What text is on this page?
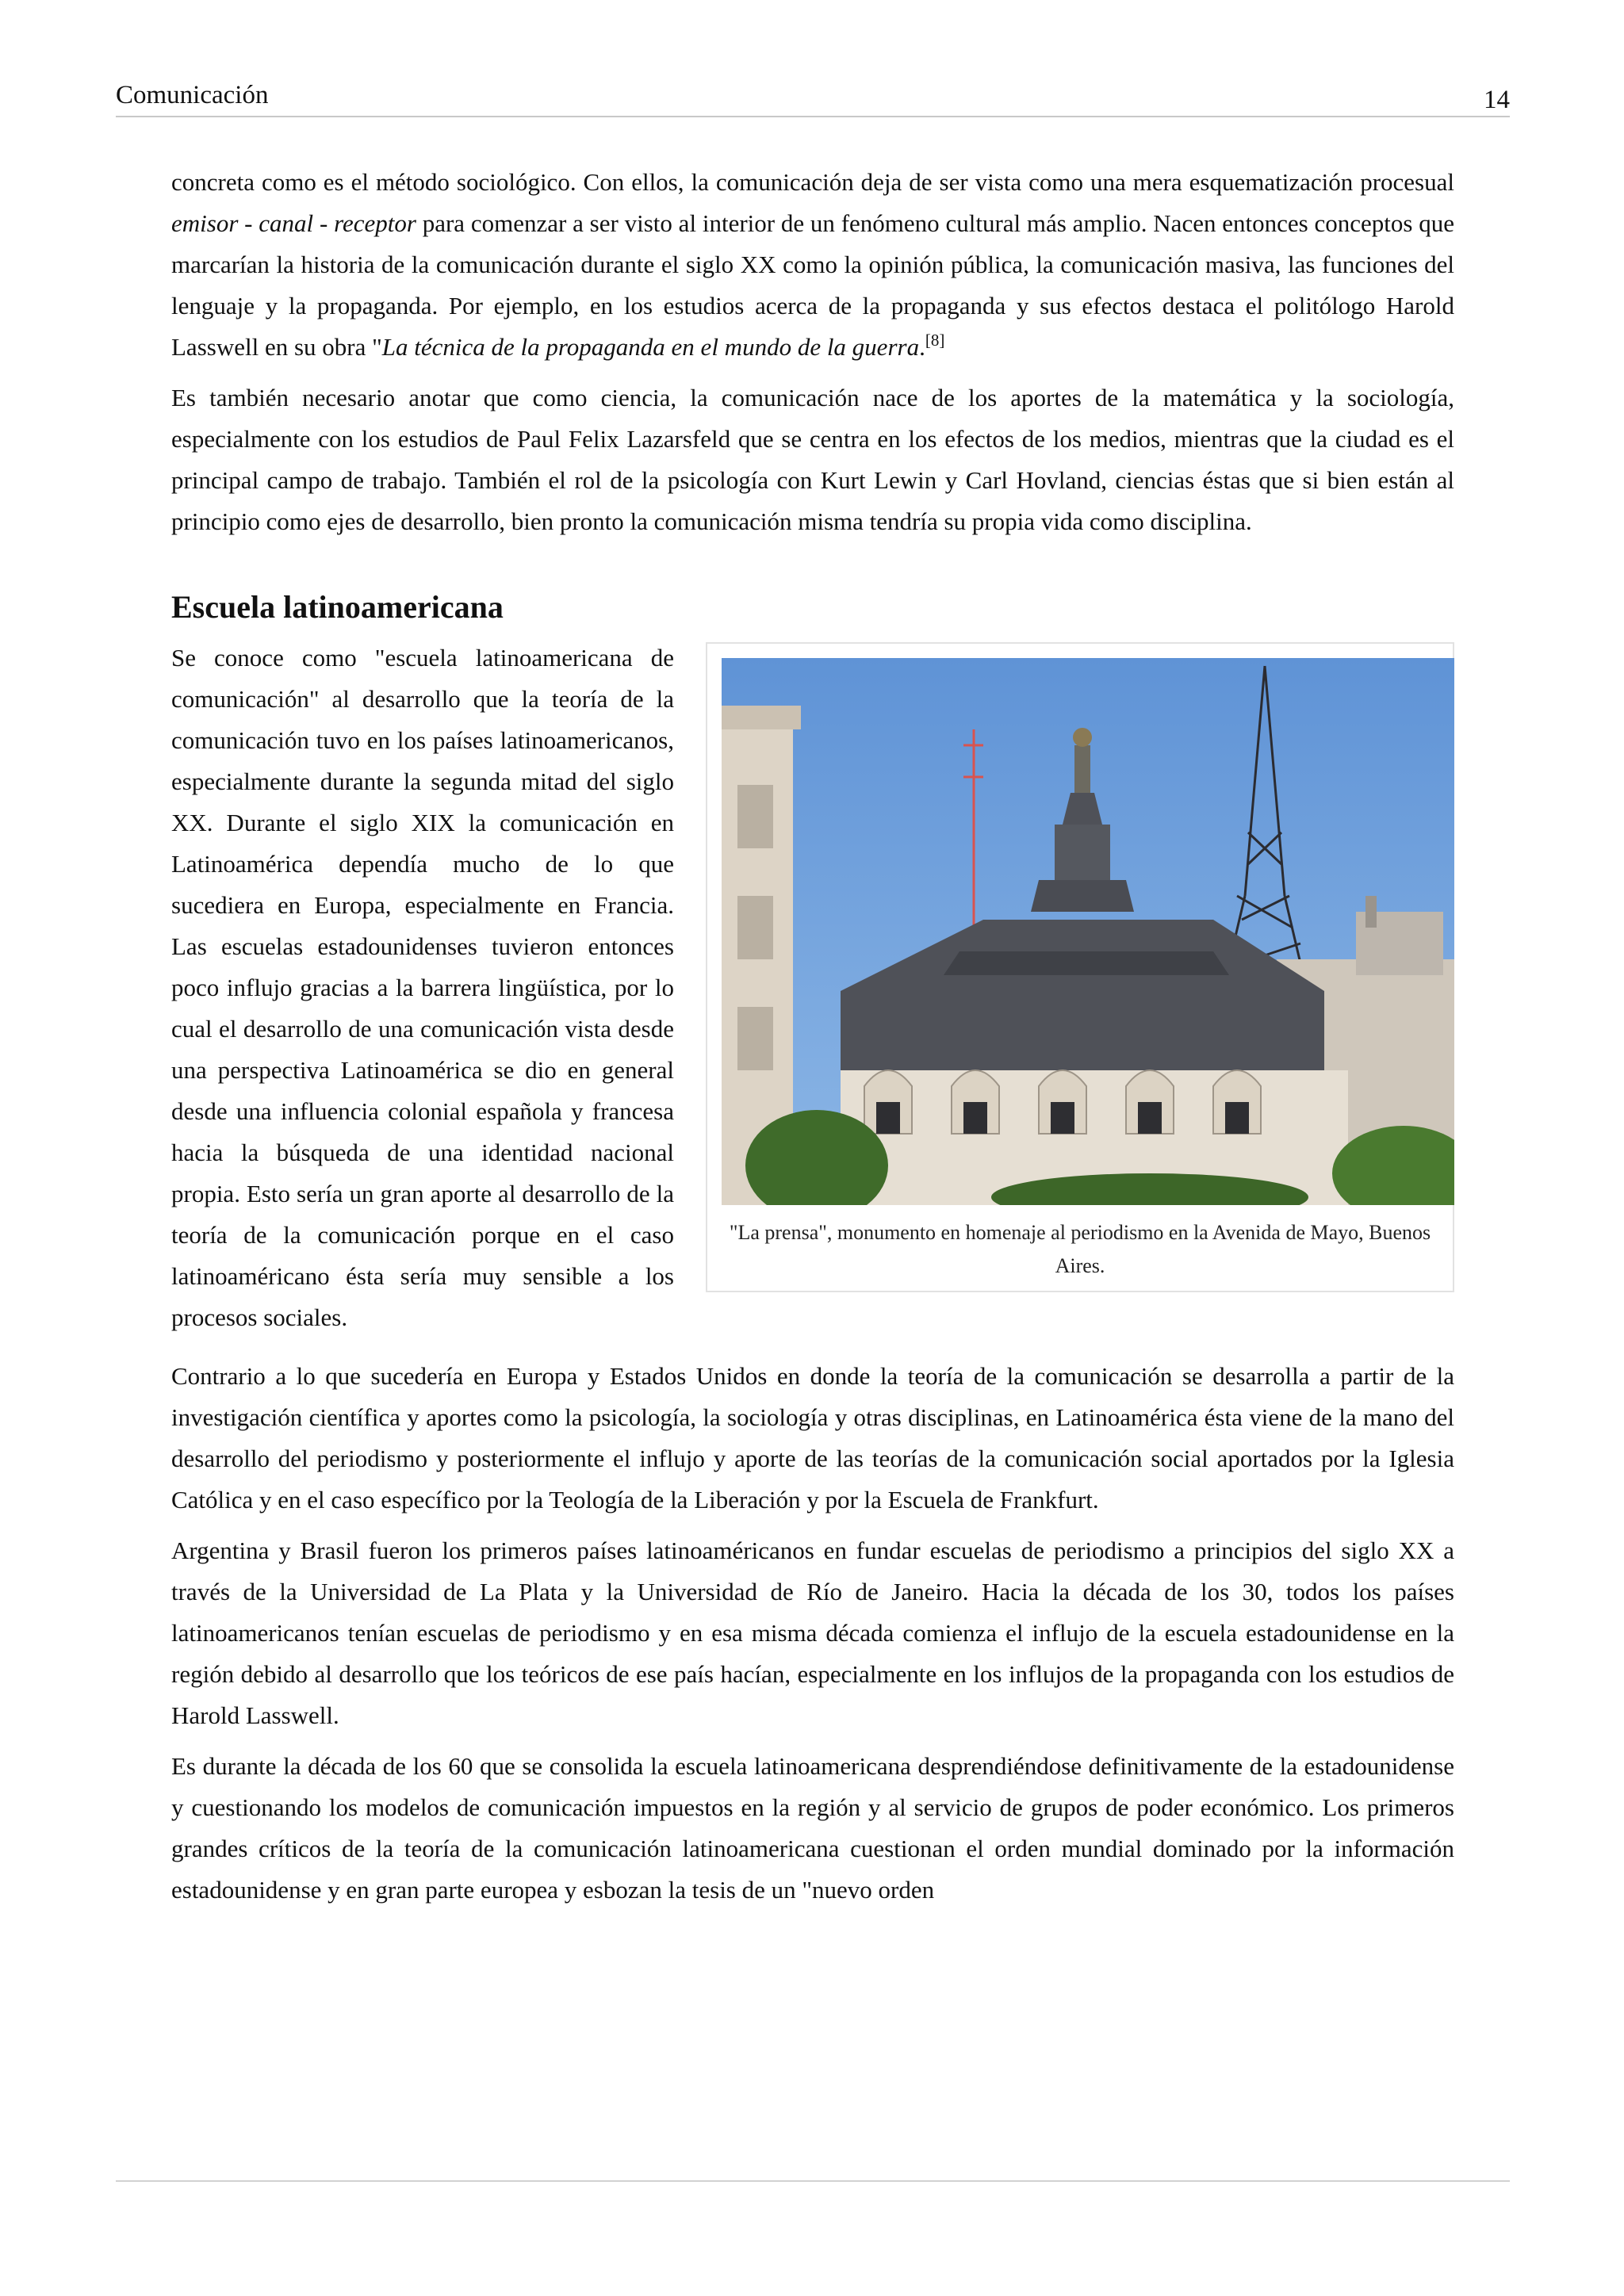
Comunicación	14

concreta como es el método sociológico. Con ellos, la comunicación deja de ser vista como una mera esquematización procesual emisor - canal - receptor para comenzar a ser visto al interior de un fenómeno cultural más amplio. Nacen entonces conceptos que marcarían la historia de la comunicación durante el siglo XX como la opinión pública, la comunicación masiva, las funciones del lenguaje y la propaganda. Por ejemplo, en los estudios acerca de la propaganda y sus efectos destaca el politólogo Harold Lasswell en su obra "La técnica de la propaganda en el mundo de la guerra.[8]

Es también necesario anotar que como ciencia, la comunicación nace de los aportes de la matemática y la sociología, especialmente con los estudios de Paul Felix Lazarsfeld que se centra en los efectos de los medios, mientras que la ciudad es el principal campo de trabajo. También el rol de la psicología con Kurt Lewin y Carl Hovland, ciencias éstas que si bien están al principio como ejes de desarrollo, bien pronto la comunicación misma tendría su propia vida como disciplina.

Escuela latinoamericana
"La prensa", monumento en homenaje al periodismo en la Avenida de Mayo, Buenos Aires.

Se conoce como "escuela latinoamericana de comunicación" al desarrollo que la teoría de la comunicación tuvo en los países latinoamericanos, especialmente durante la segunda mitad del siglo XX. Durante el siglo XIX la comunicación en Latinoamérica dependía mucho de lo que sucediera en Europa, especialmente en Francia. Las escuelas estadounidenses tuvieron entonces poco influjo gracias a la barrera lingüística, por lo cual el desarrollo de una comunicación vista desde una perspectiva Latinoamérica se dio en general desde una influencia colonial española y francesa hacia la búsqueda de una identidad nacional propia. Esto sería un gran aporte al desarrollo de la teoría de la comunicación porque en el caso latinoaméricano ésta sería muy sensible a los procesos sociales.

Contrario a lo que sucedería en Europa y Estados Unidos en donde la teoría de la comunicación se desarrolla a partir de la investigación científica y aportes como la psicología, la sociología y otras disciplinas, en Latinoamérica ésta viene de la mano del desarrollo del periodismo y posteriormente el influjo y aporte de las teorías de la comunicación social aportados por la Iglesia Católica y en el caso específico por la Teología de la Liberación y por la Escuela de Frankfurt.

Argentina y Brasil fueron los primeros países latinoaméricanos en fundar escuelas de periodismo a principios del siglo XX a través de la Universidad de La Plata y la Universidad de Río de Janeiro. Hacia la década de los 30, todos los países latinoamericanos tenían escuelas de periodismo y en esa misma década comienza el influjo de la escuela estadounidense en la región debido al desarrollo que los teóricos de ese país hacían, especialmente en los influjos de la propaganda con los estudios de Harold Lasswell.

Es durante la década de los 60 que se consolida la escuela latinoamericana desprendiéndose definitivamente de la estadounidense y cuestionando los modelos de comunicación impuestos en la región y al servicio de grupos de poder económico. Los primeros grandes críticos de la teoría de la comunicación latinoamericana cuestionan el orden mundial dominado por la información estadounidense y en gran parte europea y esbozan la tesis de un "nuevo orden
